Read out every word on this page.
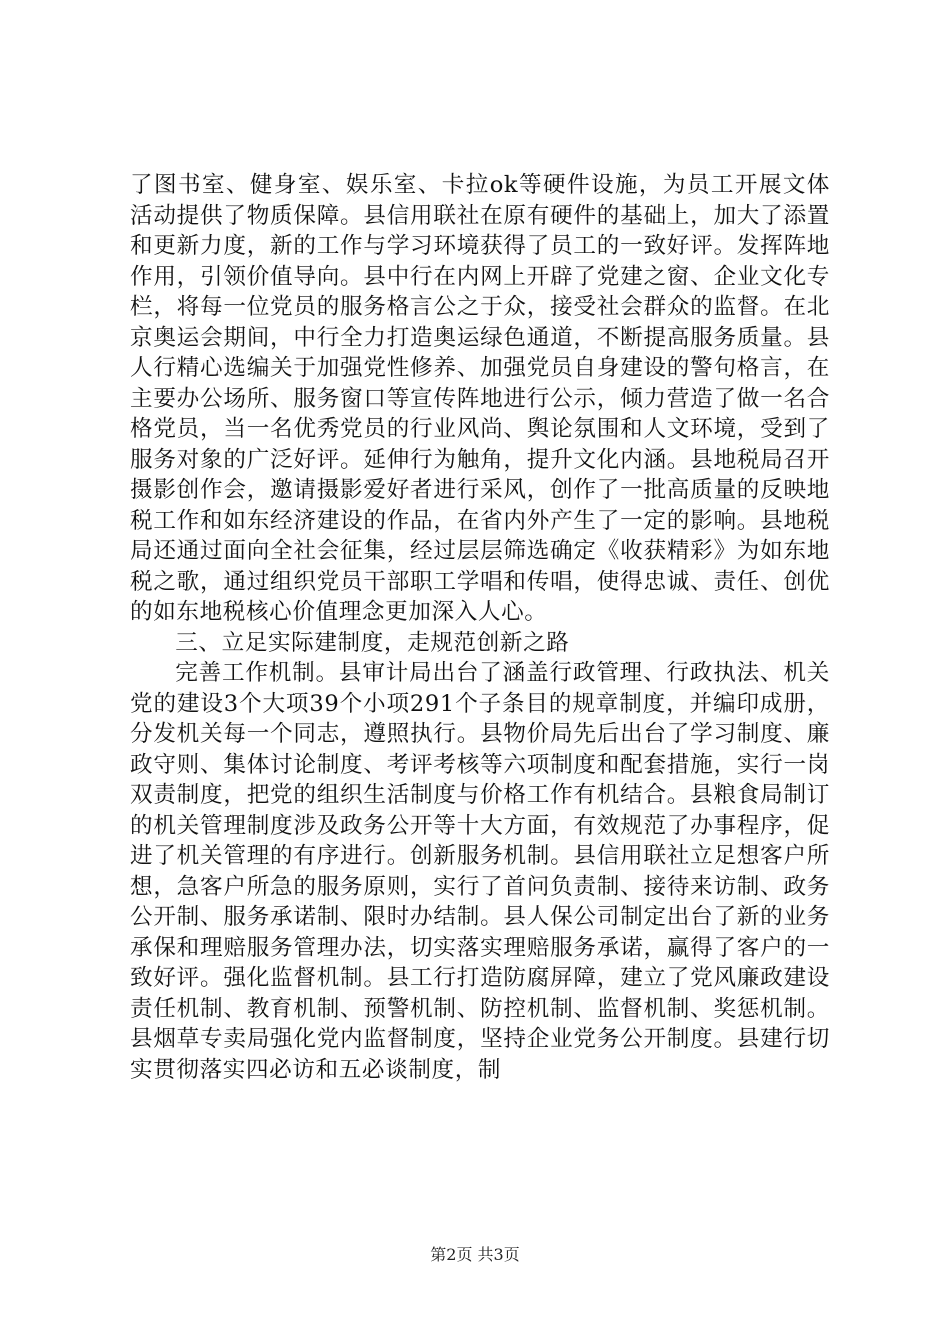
了图书室、健身室、娱乐室、卡拉ok等硬件设施，为员工开展文体活动提供了物质保障。县信用联社在原有硬件的基础上，加大了添置和更新力度，新的工作与学习环境获得了员工的一致好评。发挥阵地作用，引领价值导向。县中行在内网上开辟了党建之窗、企业文化专栏，将每一位党员的服务格言公之于众，接受社会群众的监督。在北京奥运会期间，中行全力打造奥运绿色通道，不断提高服务质量。县人行精心选编关于加强党性修养、加强党员自身建设的警句格言，在主要办公场所、服务窗口等宣传阵地进行公示，倾力营造了做一名合格党员，当一名优秀党员的行业风尚、舆论氛围和人文环境，受到了服务对象的广泛好评。延伸行为触角，提升文化内涵。县地税局召开摄影创作会，邀请摄影爱好者进行采风，创作了一批高质量的反映地税工作和如东经济建设的作品，在省内外产生了一定的影响。县地税局还通过面向全社会征集，经过层层筛选确定《收获精彩》为如东地税之歌，通过组织党员干部职工学唱和传唱，使得忠诚、责任、创优的如东地税核心价值理念更加深入人心。

三、立足实际建制度，走规范创新之路

完善工作机制。县审计局出台了涵盖行政管理、行政执法、机关党的建设3个大项39个小项291个子条目的规章制度，并编印成册，分发机关每一个同志，遵照执行。县物价局先后出台了学习制度、廉政守则、集体讨论制度、考评考核等六项制度和配套措施，实行一岗双责制度，把党的组织生活制度与价格工作有机结合。县粮食局制订的机关管理制度涉及政务公开等十大方面，有效规范了办事程序，促进了机关管理的有序进行。创新服务机制。县信用联社立足想客户所想，急客户所急的服务原则，实行了首问负责制、接待来访制、政务公开制、服务承诺制、限时办结制。县人保公司制定出台了新的业务承保和理赔服务管理办法，切实落实理赔服务承诺，赢得了客户的一致好评。强化监督机制。县工行打造防腐屏障，建立了党风廉政建设责任机制、教育机制、预警机制、防控机制、监督机制、奖惩机制。县烟草专卖局强化党内监督制度，坚持企业党务公开制度。县建行切实贯彻落实四必访和五必谈制度，制

第2页 共3页
